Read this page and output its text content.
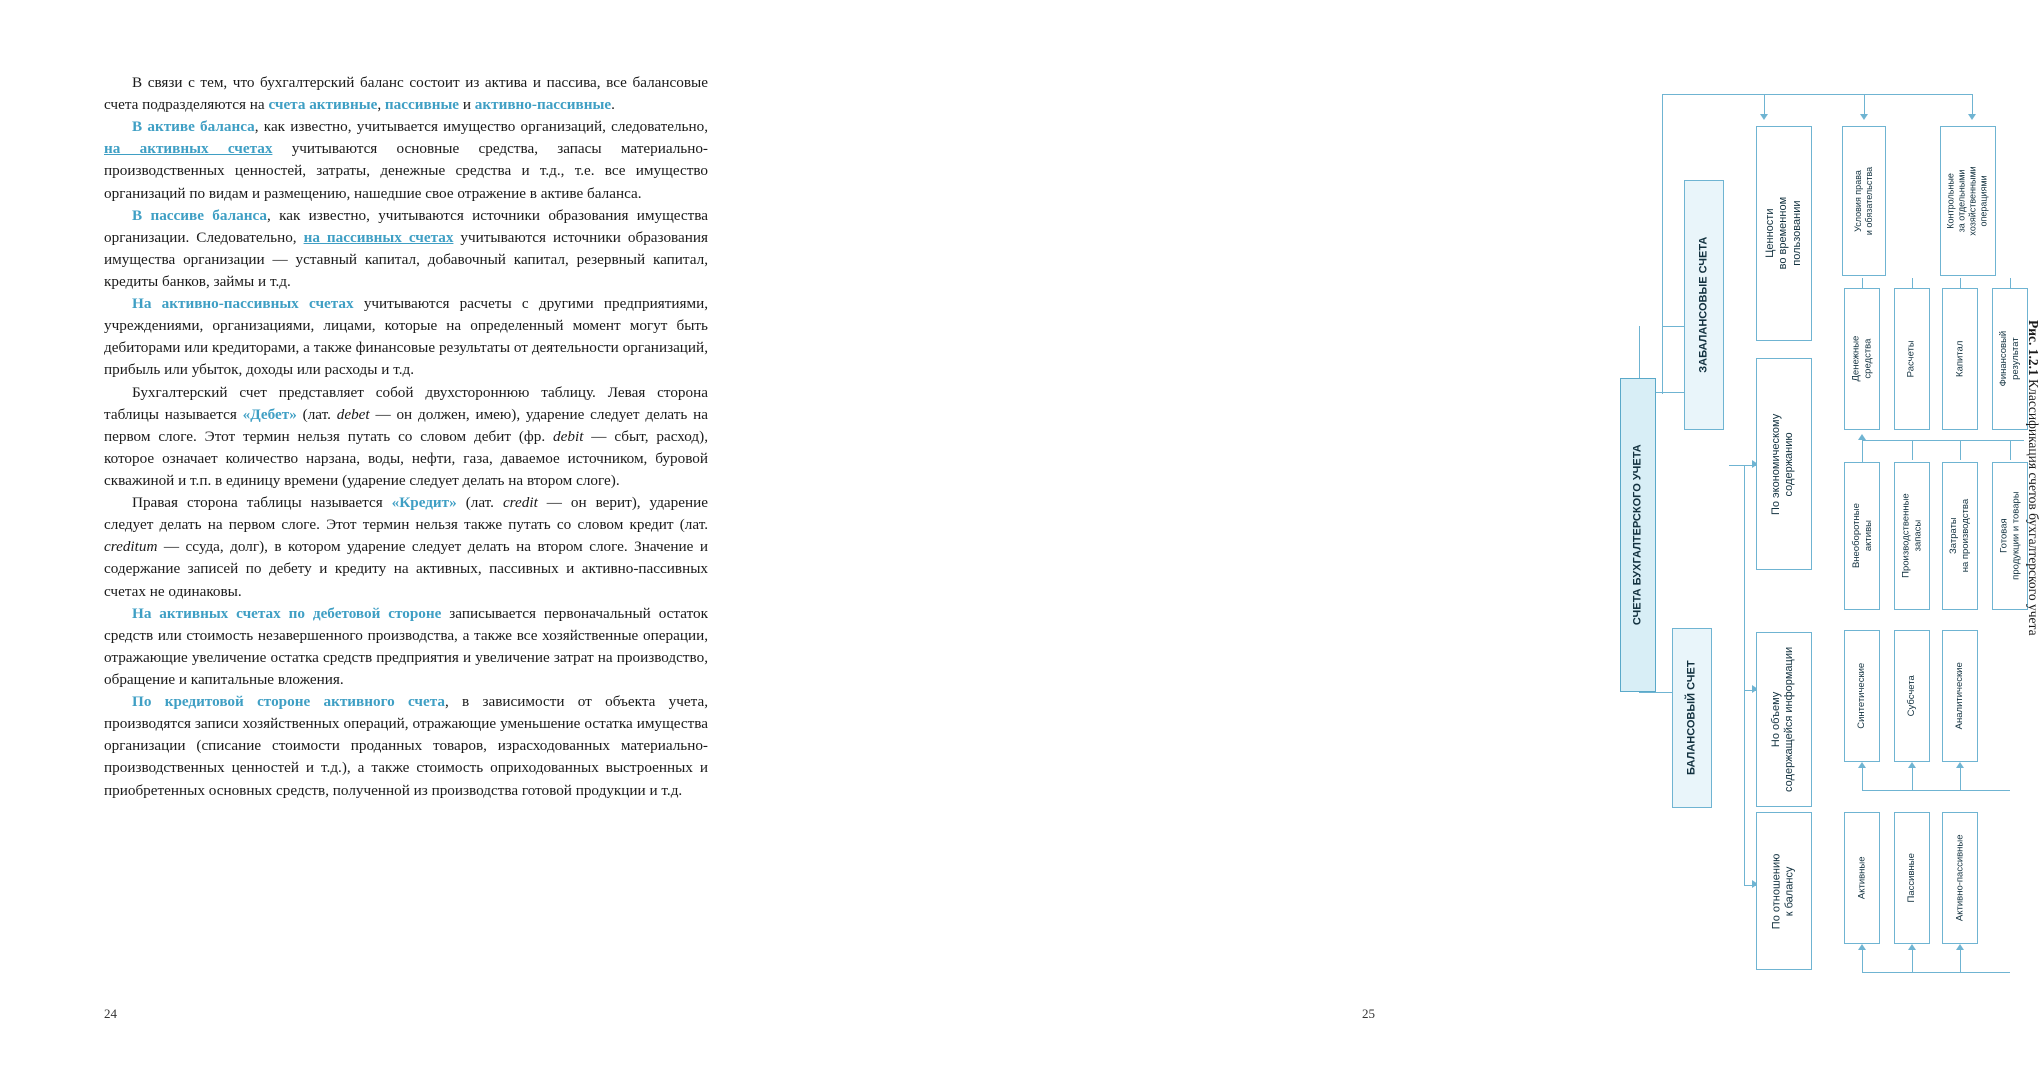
В связи с тем, что бухгалтерский баланс состоит из актива и пассива, все балансовые счета подразделяются на счета активные, пассивные и активно-пассивные.

В активе баланса, как известно, учитывается имущество организаций, следовательно, на активных счетах учитываются основные средства, запасы материально-производственных ценностей, затраты, денежные средства и т.д., т.е. все имущество организаций по видам и размещению, нашедшие свое отражение в активе баланса.

В пассиве баланса, как известно, учитываются источники образования имущества организации. Следовательно, на пассивных счетах учитываются источники образования имущества организации — уставный капитал, добавочный капитал, резервный капитал, кредиты банков, займы и т.д.

На активно-пассивных счетах учитываются расчеты с другими предприятиями, учреждениями, организациями, лицами, которые на определенный момент могут быть дебиторами или кредиторами, а также финансовые результаты от деятельности организаций, прибыль или убыток, доходы или расходы и т.д.

Бухгалтерский счет представляет собой двухстороннюю таблицу. Левая сторона таблицы называется «Дебет» (лат. debet — он должен, имею), ударение следует делать на первом слоге. Этот термин нельзя путать со словом дебит (фр. debit — сбыт, расход), которое означает количество нарзана, воды, нефти, газа, даваемое источником, буровой скважиной и т.п. в единицу времени (ударение следует делать на втором слоге).

Правая сторона таблицы называется «Кредит» (лат. credit — он верит), ударение следует делать на первом слоге. Этот термин нельзя также путать со словом кредит (лат. creditum — ссуда, долг), в котором ударение следует делать на втором слоге. Значение и содержание записей по дебету и кредиту на активных, пассивных и активно-пассивных счетах не одинаковы.

На активных счетах по дебетовой стороне записывается первоначальный остаток средств или стоимость незавершенного производства, а также все хозяйственные операции, отражающие увеличение остатка средств предприятия и увеличение затрат на производство, обращение и капитальные вложения.

По кредитовой стороне активного счета, в зависимости от объекта учета, производятся записи хозяйственных операций, отражающие уменьшение остатка имущества организации (списание стоимости проданных товаров, израсходованных материально-производственных ценностей и т.д.), а также стоимость оприходованных выстроенных и приобретенных основных средств, полученной из производства готовой продукции и т.д.

24
СЧЕТА БУХГАЛТЕРСКОГО УЧЕТА
БАЛАНСОВЫЙ СЧЕТ
ЗАБАЛАНСОВЫЕ СЧЕТА
Ценности
во временном
пользовании	Условия права
и обязательства	Контрольные
за отдельными
хозяйственными
операциями
По экономическому
содержанию
Но объему
содержащейся информации
По отношению
к балансу
Денежные
средства	Расчеты	Капитал	Финансовый
результат
Внеоборотные
активы	Производственные
запасы	Затраты
на производства	Готовая
продукции и товары
Синтетические	Субсчета	Аналитические
Активные	Пассивные	Активно-пассивные
Рис. 1.2.1 Классификация счетов бухгалтерского учета
25
